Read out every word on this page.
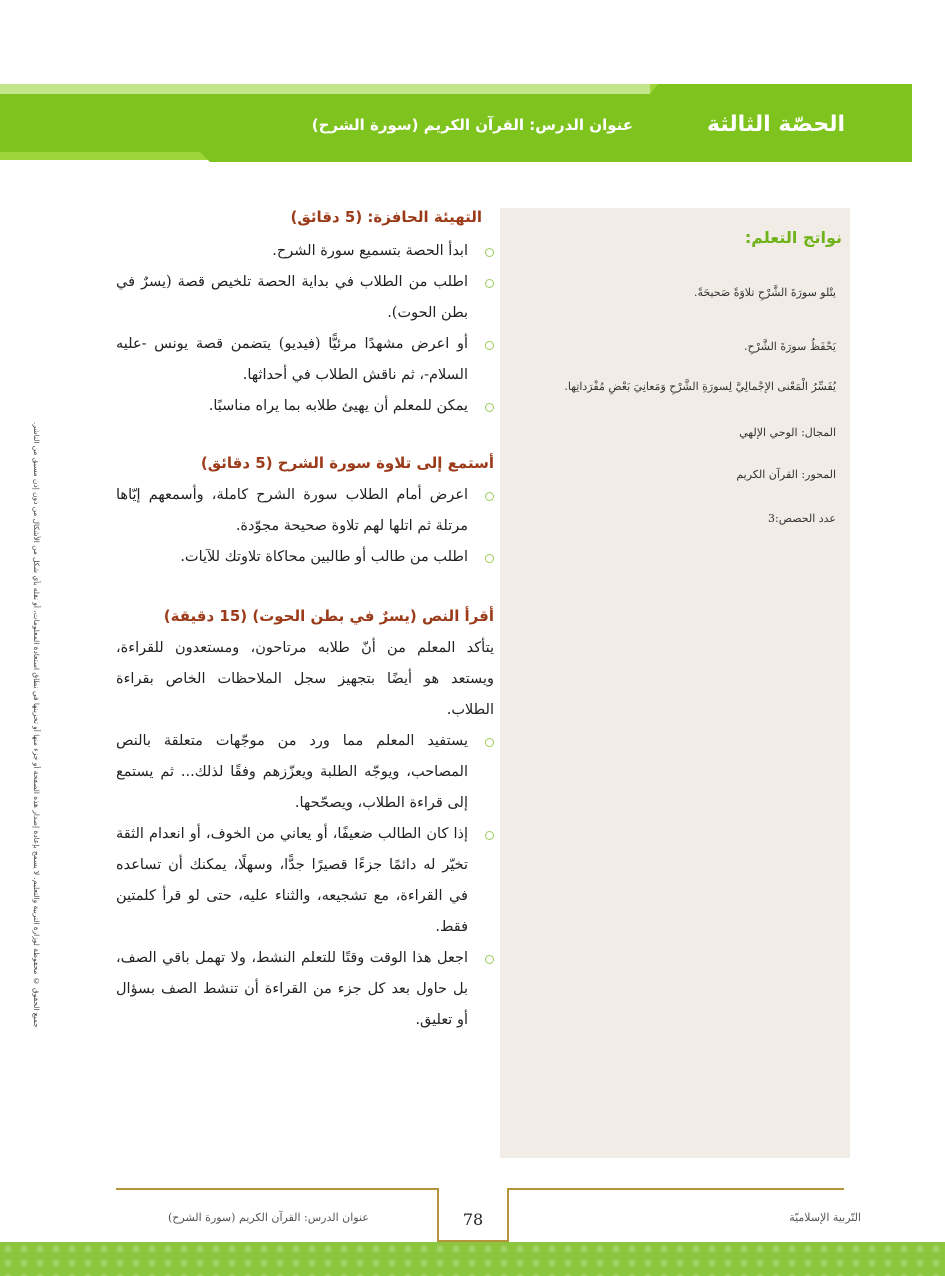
الحصّة الثالثة
عنوان الدرس: القرآن الكريم (سورة الشرح)
جميع الحقوق © محفوظة لوزارة التربية والتعليم. لا يسمح بإعادة إصدار هذه الصفحة أو جزء منها أو تخزينها في نطاق استعادة المعلومات، أو نقله بأي شكل من الأشكال من دون إذن مسبق من الناشر.
نواتج التعلم:
يتْلو سورَةَ الشَّرْحِ تلاوَةً صَحيحَةً.
يَحْفَظُ سورَةَ الشَّرْحِ.
يُفَسِّرُ الْمَعْنى الإجْمالِيَّ لِسورَةِ الشَّرْحِ وَمَعانِيَ بَعْضِ مُفْرَداتِها.
المجال: الوحي الإلهي
المحور: القرآن الكريم
عدد الحصص:3
التهيئة الحافزة: (5 دقائق)
ابدأ الحصة بتسميع سورة الشرح.
اطلب من الطلاب في بداية الحصة تلخيص قصة (يسرٌ في بطن الحوت).
أو اعرض مشهدًا مرئيًّا (فيديو) يتضمن قصة يونس -عليه السلام-، ثم ناقش الطلاب في أحداثها.
يمكن للمعلم أن يهيئ طلابه بما يراه مناسبًا.
أستمع إلى تلاوة سورة الشرح (5 دقائق)
اعرض أمام الطلاب سورة الشرح كاملة، وأسمعهم إيّاها مرتلة ثم اتلها لهم تلاوة صحيحة مجوّدة.
اطلب من طالب أو طالبين محاكاة تلاوتك للآيات.
أقرأ النص (يسرٌ في بطن الحوت) (15 دقيقة)

يتأكد المعلم من أنّ طلابه مرتاحون، ومستعدون للقراءة، ويستعد هو أيضًا بتجهيز سجل الملاحظات الخاص بقراءة الطلاب.

يستفيد المعلم مما ورد من موجّهات متعلقة بالنص المصاحب، ويوجّه الطلبة ويعزّزهم وفقًا لذلك... ثم يستمع إلى قراءة الطلاب، ويصحّحها.
إذا كان الطالب ضعيفًا، أو يعاني من الخوف، أو انعدام الثقة تخيّر له دائمًا جزءًا قصيرًا جدًّا، وسهلًا، يمكنك أن تساعده في القراءة، مع تشجيعه، والثناء عليه، حتى لو قرأ كلمتين فقط.
اجعل هذا الوقت وقتًا للتعلم النشط، ولا تهمل باقي الصف، بل حاول بعد كل جزء من القراءة أن تنشط الصف بسؤال أو تعليق.
78	التّربية الإسلاميّة
عنوان الدرس: القرآن الكريم (سورة الشرح)
